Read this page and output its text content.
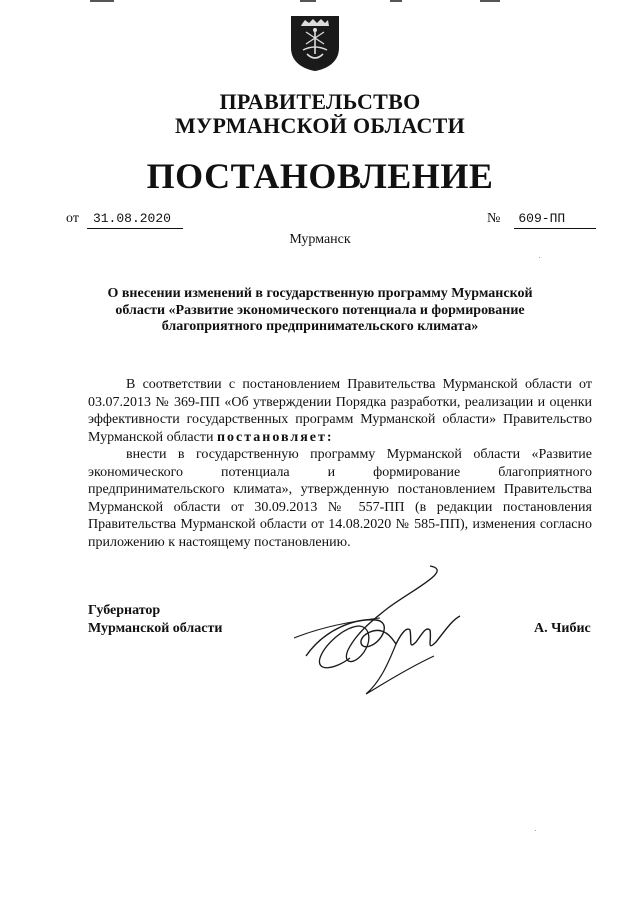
ПРАВИТЕЛЬСТВО
МУРМАНСКОЙ ОБЛАСТИ
ПОСТАНОВЛЕНИЕ
от 31.08.2020	№ 609-ПП
Мурманск
·
О внесении изменений в государственную программу Мурманской
области «Развитие экономического потенциала и формирование
благоприятного предпринимательского климата»
В соответствии с постановлением Правительства Мурманской области от 03.07.2013 № 369-ПП «Об утверждении Порядка разработки, реализации и оценки эффективности государственных программ Мурманской области» Правительство Мурманской области постановляет:
внести в государственную программу Мурманской области «Развитие экономического потенциала и формирование благоприятного предпринимательского климата», утвержденную постановлением Правительства Мурманской области от 30.09.2013 № 557-ПП (в редакции постановления Правительства Мурманской области от 14.08.2020 № 585-ПП), изменения согласно приложению к настоящему постановлению.
Губернатор
Мурманской области	А. Чибис
·
